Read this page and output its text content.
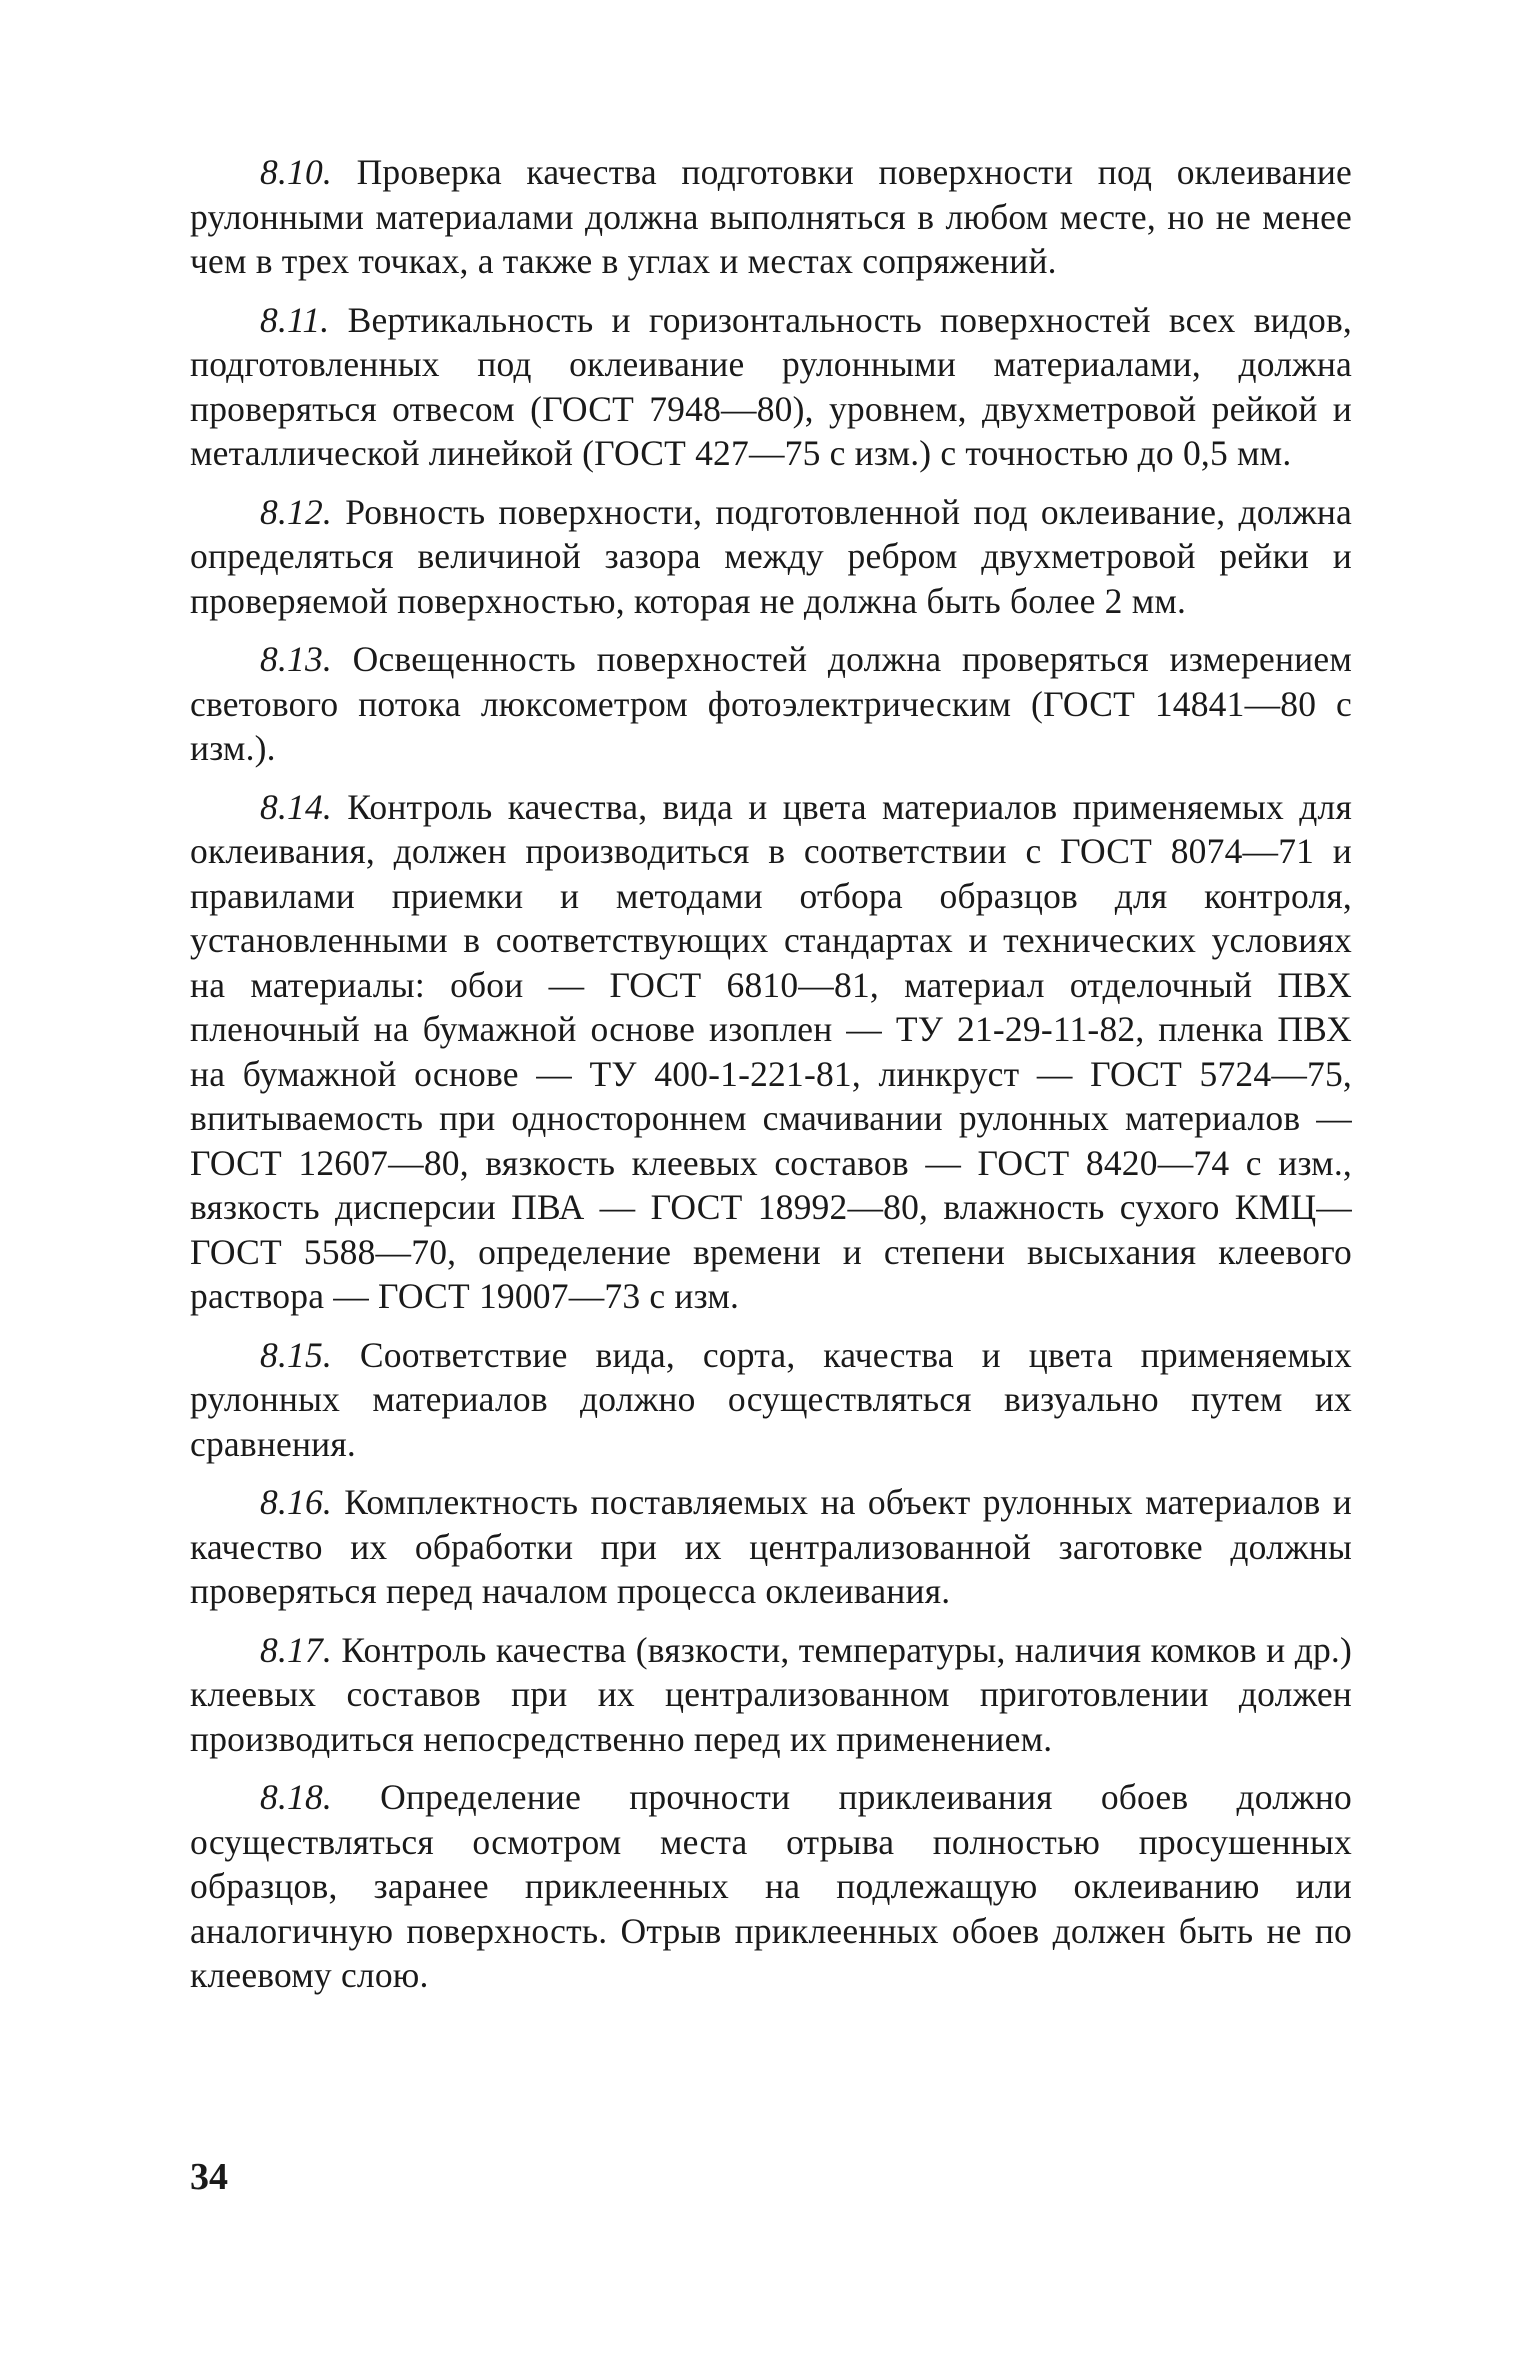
8.10. Проверка качества подготовки поверхности под оклеивание рулонными материалами должна выполняться в любом месте, но не менее чем в трех точках, а также в углах и местах сопряжений.

8.11. Вертикальность и горизонтальность поверхностей всех видов, подготовленных под оклеивание рулонными материалами, должна проверяться отвесом (ГОСТ 7948—80), уровнем, двухметровой рейкой и металлической линейкой (ГОСТ 427—75 с изм.) с точностью до 0,5 мм.

8.12. Ровность поверхности, подготовленной под оклеивание, должна определяться величиной зазора между ребром двухметровой рейки и проверяемой поверхностью, которая не должна быть более 2 мм.

8.13. Освещенность поверхностей должна проверяться измерением светового потока люксометром фотоэлектрическим (ГОСТ 14841—80 с изм.).

8.14. Контроль качества, вида и цвета материалов применяемых для оклеивания, должен производиться в соответствии с ГОСТ 8074—71 и правилами приемки и методами отбора образцов для контроля, установленными в соответствующих стандартах и технических условиях на материалы: обои — ГОСТ 6810—81, материал отделочный ПВХ пленочный на бумажной основе изоплен — ТУ 21-29-11-82, пленка ПВХ на бумажной основе — ТУ 400-1-221-81, линкруст — ГОСТ 5724—75, впитываемость при одностороннем смачивании рулонных материалов — ГОСТ 12607—80, вязкость клеевых составов — ГОСТ 8420—74 с изм., вязкость дисперсии ПВА — ГОСТ 18992—80, влажность сухого КМЦ—ГОСТ 5588—70, определение времени и степени высыхания клеевого раствора — ГОСТ 19007—73 с изм.

8.15. Соответствие вида, сорта, качества и цвета применяемых рулонных материалов должно осуществляться визуально путем их сравнения.

8.16. Комплектность поставляемых на объект рулонных материалов и качество их обработки при их централизованной заготовке должны проверяться перед началом процесса оклеивания.

8.17. Контроль качества (вязкости, температуры, наличия комков и др.) клеевых составов при их централизованном приготовлении должен производиться непосредственно перед их применением.

8.18. Определение прочности приклеивания обоев должно осуществляться осмотром места отрыва полностью просушенных образцов, заранее приклеенных на подлежащую оклеиванию или аналогичную поверхность. Отрыв приклеенных обоев должен быть не по клеевому слою.

34
